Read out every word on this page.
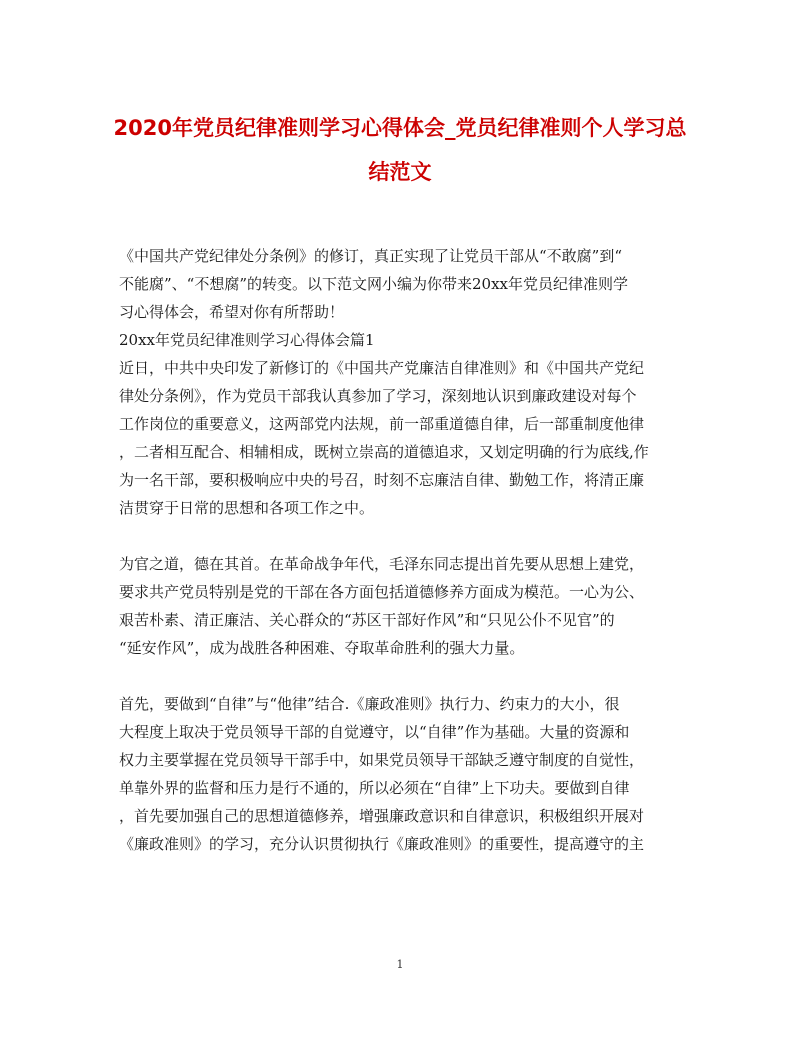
2020年党员纪律准则学习心得体会_党员纪律准则个人学习总
结范文
《中国共产党纪律处分条例》的修订，真正实现了让党员干部从“不敢腐”到“
不能腐”、“不想腐”的转变。以下范文网小编为你带来20xx年党员纪律准则学
习心得体会，希望对你有所帮助！
20xx年党员纪律准则学习心得体会篇1
近日，中共中央印发了新修订的《中国共产党廉洁自律准则》和《中国共产党纪
律处分条例》，作为党员干部我认真参加了学习，深刻地认识到廉政建设对每个
工作岗位的重要意义，这两部党内法规，前一部重道德自律，后一部重制度他律
，二者相互配合、相辅相成，既树立崇高的道德追求，又划定明确的行为底线,作
为一名干部，要积极响应中央的号召，时刻不忘廉洁自律、勤勉工作，将清正廉
洁贯穿于日常的思想和各项工作之中。
为官之道，德在其首。在革命战争年代，毛泽东同志提出首先要从思想上建党，
要求共产党员特别是党的干部在各方面包括道德修养方面成为模范。一心为公、
艰苦朴素、清正廉洁、关心群众的“苏区干部好作风”和“只见公仆不见官”的
“延安作风”，成为战胜各种困难、夺取革命胜利的强大力量。
首先，要做到“自律”与“他律”结合.《廉政准则》执行力、约束力的大小，很
大程度上取决于党员领导干部的自觉遵守，以“自律”作为基础。大量的资源和
权力主要掌握在党员领导干部手中，如果党员领导干部缺乏遵守制度的自觉性，
单靠外界的监督和压力是行不通的，所以必须在“自律”上下功夫。要做到自律
，首先要加强自己的思想道德修养，增强廉政意识和自律意识，积极组织开展对
《廉政准则》的学习，充分认识贯彻执行《廉政准则》的重要性，提高遵守的主
1
